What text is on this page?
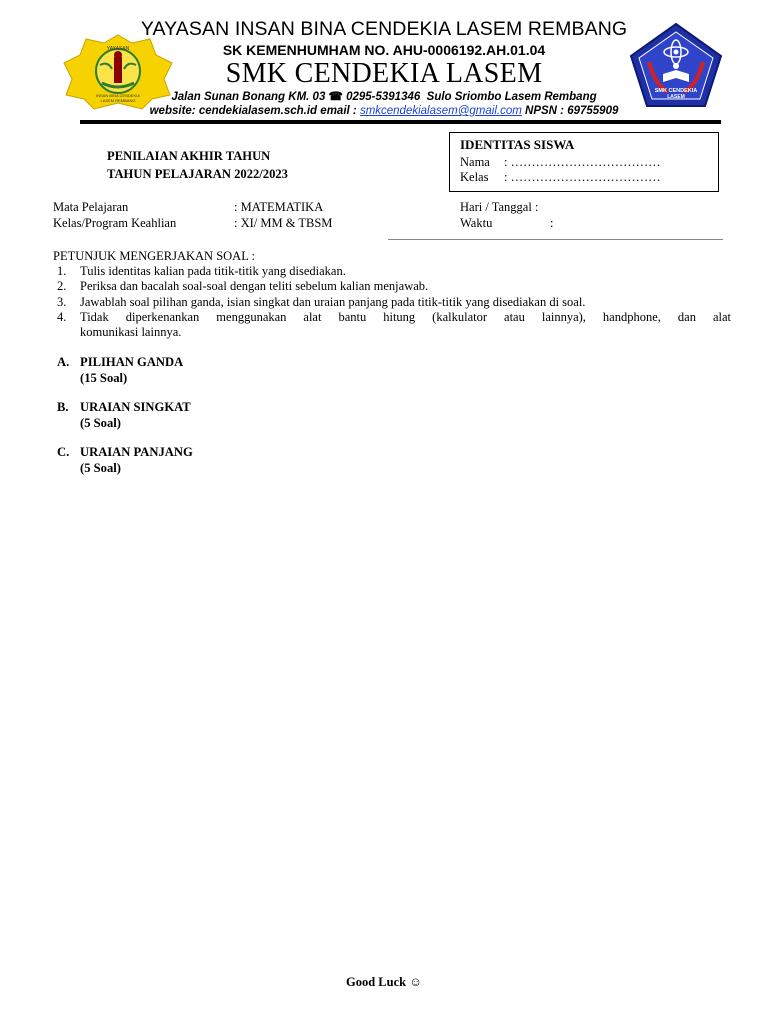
YAYASAN
INSAN BINA CENDEKIA
LASEM REMBANG
SMK CENDEKIA
LASEM
YAYASAN INSAN BINA CENDEKIA LASEM REMBANG
SK KEMENHUMHAM NO. AHU-0006192.AH.01.04
SMK CENDEKIA LASEM
Jalan Sunan Bonang KM. 03 ☎ 0295-5391346 Sulo Sriombo Lasem Rembang
website: cendekialasem.sch.id email : smkcendekialasem@gmail.com NPSN : 69755909
PENILAIAN AKHIR TAHUN
TAHUN PELAJARAN 2022/2023
IDENTITAS SISWA
Nama : ………………………………
Kelas : ………………………………
Mata Pelajaran	: MATEMATIKA
Kelas/Program Keahlian	: XI/ MM & TBSM
Hari / Tanggal :
Waktu	:
PETUNJUK MENGERJAKAN SOAL :
1.	Tulis identitas kalian pada titik-titik yang disediakan.
2.	Periksa dan bacalah soal-soal dengan teliti sebelum kalian menjawab.
3.	Jawablah soal pilihan ganda, isian singkat dan uraian panjang pada titik-titik yang disediakan di soal.
4.	Tidak diperkenankan menggunakan alat bantu hitung (kalkulator atau lainnya), handphone, dan alat
komunikasi lainnya.
A. PILIHAN GANDA
(15 Soal)
B. URAIAN SINGKAT
(5 Soal)
C. URAIAN PANJANG
(5 Soal)
Good Luck ☺
